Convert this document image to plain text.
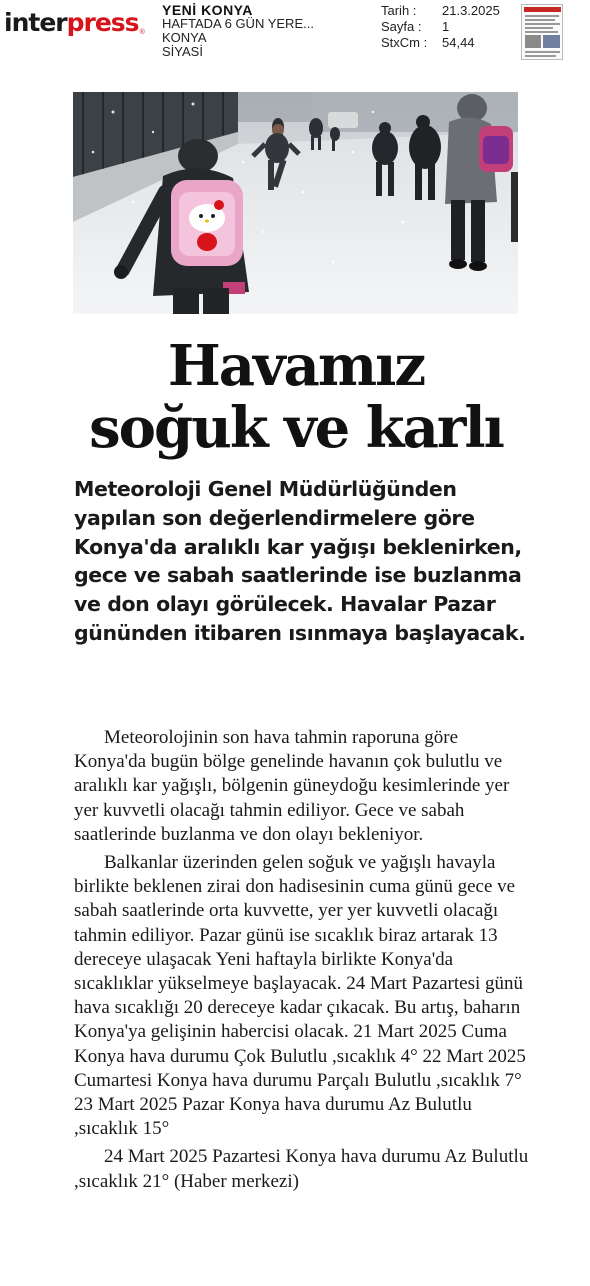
interpress ®
YENİ KONYA
HAFTADA 6 GÜN YERE...
KONYA
SİYASİ
Tarih :	21.3.2025
Sayfa :	1
StxCm :	54,44
Havamız
soğuk ve karlı
Meteoroloji Genel Müdürlüğünden yapılan son değerlendirmelere göre Konya'da aralıklı kar yağışı beklenirken, gece ve sabah saatlerinde ise buzlanma ve don olayı görülecek. Havalar Pazar gününden itibaren ısınmaya başlayacak.

Meteorolojinin son hava tahmin raporuna göre Konya'da bugün bölge genelinde havanın çok bulutlu ve aralıklı kar yağışlı, bölgenin güneydoğu kesimlerinde yer yer kuvvetli olacağı tahmin ediliyor. Gece ve sabah saatlerinde buzlanma ve don olayı bekleniyor.

Balkanlar üzerinden gelen soğuk ve yağışlı havayla birlikte beklenen zirai don hadisesinin cuma günü gece ve sabah saatlerinde orta kuvvette, yer yer kuvvetli olacağı tahmin ediliyor. Pazar günü ise sıcaklık biraz artarak 13 dereceye ulaşacak Yeni haftayla birlikte Konya'da sıcaklıklar yükselmeye başlayacak. 24 Mart Pazartesi günü hava sıcaklığı 20 dereceye kadar çıkacak. Bu artış, baharın Konya'ya gelişinin habercisi olacak. 21 Mart 2025 Cuma Konya hava durumu Çok Bulutlu ,sıcaklık 4° 22 Mart 2025 Cumartesi Konya hava durumu Parçalı Bulutlu ,sıcaklık 7° 23 Mart 2025 Pazar Konya hava durumu Az Bulutlu ,sıcaklık 15°

24 Mart 2025 Pazartesi Konya hava durumu Az Bulutlu ,sıcaklık 21° (Haber merkezi)
